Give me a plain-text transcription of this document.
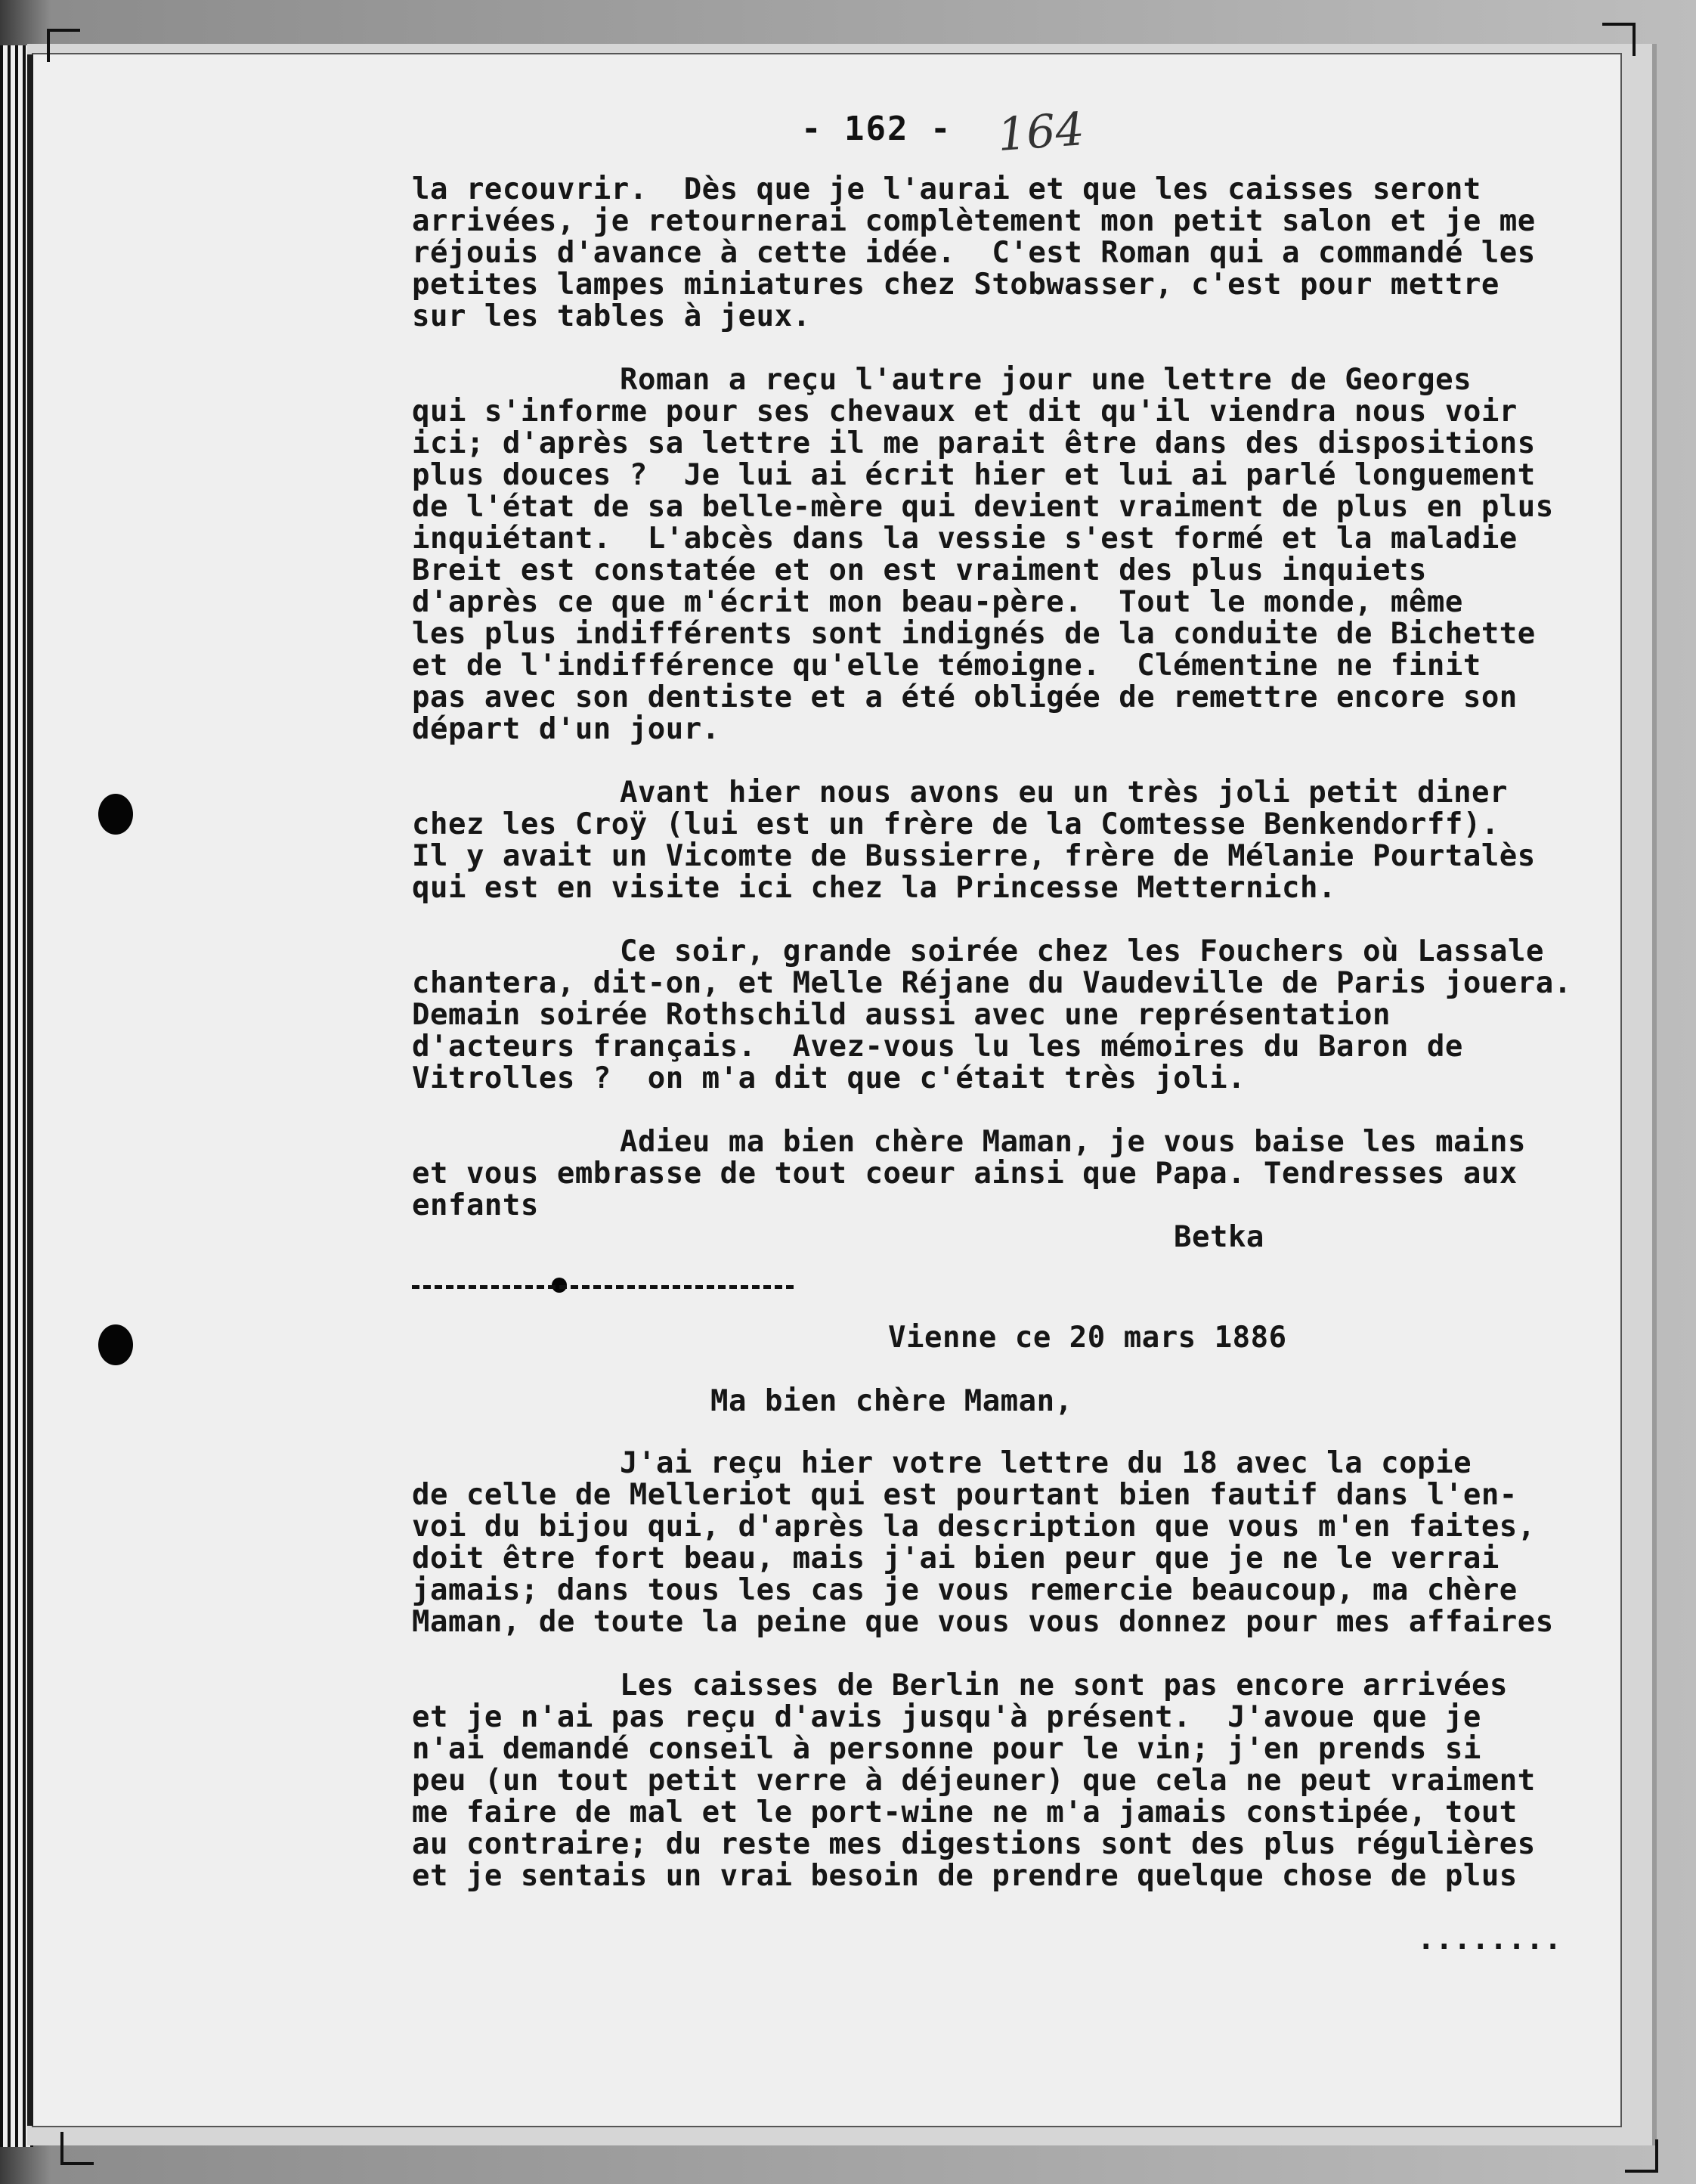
- 162 - 164
la recouvrir.  Dès que je l'aurai et que les caisses seront
arrivées, je retournerai complètement mon petit salon et je me
réjouis d'avance à cette idée.  C'est Roman qui a commandé les
petites lampes miniatures chez Stobwasser, c'est pour mettre
sur les tables à jeux.
Roman a reçu l'autre jour une lettre de Georges
qui s'informe pour ses chevaux et dit qu'il viendra nous voir
ici; d'après sa lettre il me parait être dans des dispositions
plus douces ?  Je lui ai écrit hier et lui ai parlé longuement
de l'état de sa belle-mère qui devient vraiment de plus en plus
inquiétant.  L'abcès dans la vessie s'est formé et la maladie
Breit est constatée et on est vraiment des plus inquiets
d'après ce que m'écrit mon beau-père.  Tout le monde, même
les plus indifférents sont indignés de la conduite de Bichette
et de l'indifférence qu'elle témoigne.  Clémentine ne finit
pas avec son dentiste et a été obligée de remettre encore son
départ d'un jour.
Avant hier nous avons eu un très joli petit diner
chez les Croÿ (lui est un frère de la Comtesse Benkendorff).
Il y avait un Vicomte de Bussierre, frère de Mélanie Pourtalès
qui est en visite ici chez la Princesse Metternich.
Ce soir, grande soirée chez les Fouchers où Lassale
chantera, dit-on, et Melle Réjane du Vaudeville de Paris jouera.
Demain soirée Rothschild aussi avec une représentation
d'acteurs français.  Avez-vous lu les mémoires du Baron de
Vitrolles ?  on m'a dit que c'était très joli.
Adieu ma bien chère Maman, je vous baise les mains
et vous embrasse de tout coeur ainsi que Papa. Tendresses aux
enfants
Betka
Vienne ce 20 mars 1886
Ma bien chère Maman,
J'ai reçu hier votre lettre du 18 avec la copie
de celle de Melleriot qui est pourtant bien fautif dans l'en-
voi du bijou qui, d'après la description que vous m'en faites,
doit être fort beau, mais j'ai bien peur que je ne le verrai
jamais; dans tous les cas je vous remercie beaucoup, ma chère
Maman, de toute la peine que vous vous donnez pour mes affaires
Les caisses de Berlin ne sont pas encore arrivées
et je n'ai pas reçu d'avis jusqu'à présent.  J'avoue que je
n'ai demandé conseil à personne pour le vin; j'en prends si
peu (un tout petit verre à déjeuner) que cela ne peut vraiment
me faire de mal et le port-wine ne m'a jamais constipée, tout
au contraire; du reste mes digestions sont des plus régulières
et je sentais un vrai besoin de prendre quelque chose de plus
........
